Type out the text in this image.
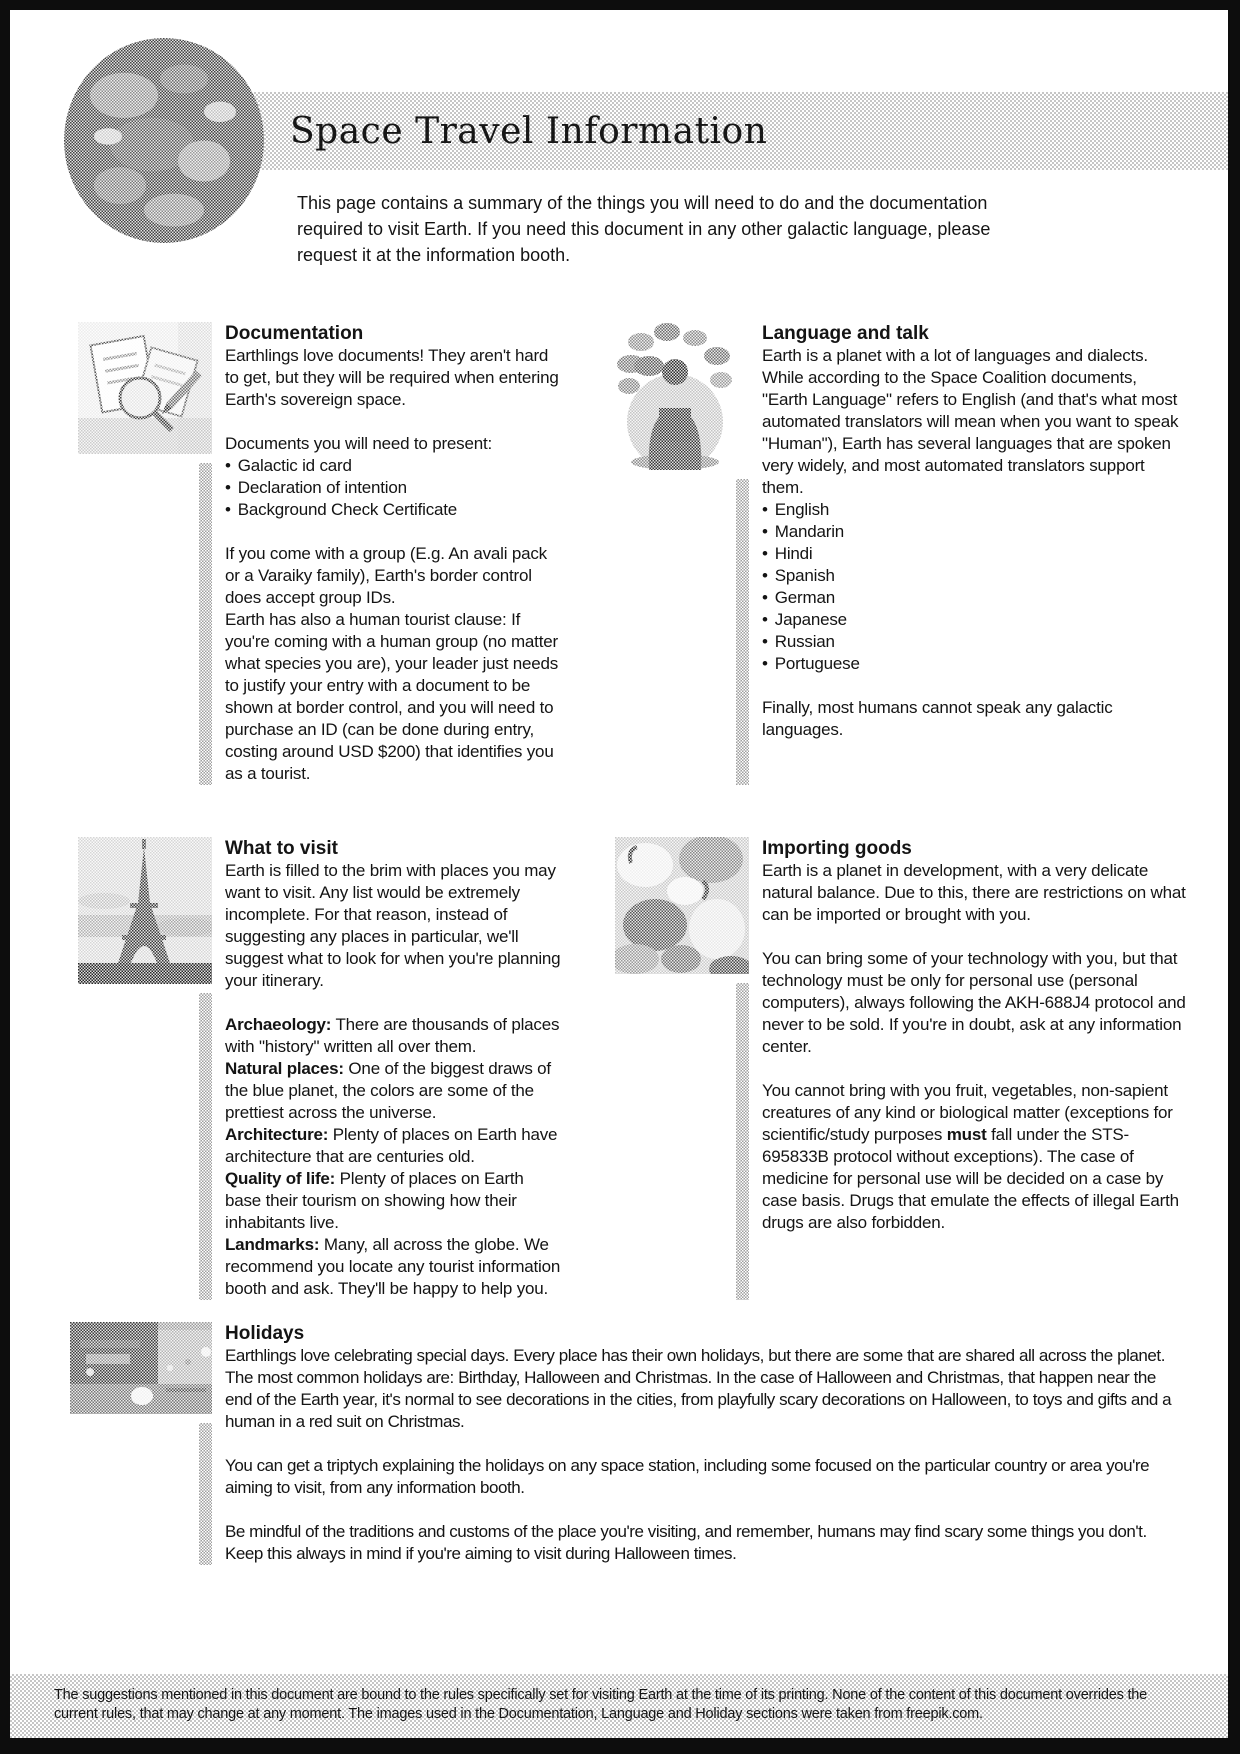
Space Travel Information

This page contains a summary of the things you will need to do and the documentation required to visit Earth. If you need this document in any other galactic language, please request it at the information booth.

Documentation

Earthlings love documents! They aren't hard to get, but they will be required when entering Earth's sovereign space.

Documents you will need to present:

• Galactic id card
• Declaration of intention
• Background Check Certificate

If you come with a group (E.g. An avali pack or a Varaiky family), Earth's border control does accept group IDs.

Earth has also a human tourist clause: If you're coming with a human group (no matter what species you are), your leader just needs to justify your entry with a document to be shown at border control, and you will need to purchase an ID (can be done during entry, costing around USD $200) that identifies you as a tourist.

Language and talk

Earth is a planet with a lot of languages and dialects. While according to the Space Coalition documents, "Earth Language" refers to English (and that's what most automated translators will mean when you want to speak "Human"), Earth has several languages that are spoken very widely, and most automated translators support them.

• English
• Mandarin
• Hindi
• Spanish
• German
• Japanese
• Russian
• Portuguese

Finally, most humans cannot speak any galactic languages.

What to visit

Earth is filled to the brim with places you may want to visit. Any list would be extremely incomplete. For that reason, instead of suggesting any places in particular, we'll suggest what to look for when you're planning your itinerary.

Archaeology: There are thousands of places with "history" written all over them.

Natural places: One of the biggest draws of the blue planet, the colors are some of the prettiest across the universe.

Architecture: Plenty of places on Earth have architecture that are centuries old.

Quality of life: Plenty of places on Earth base their tourism on showing how their inhabitants live.

Landmarks: Many, all across the globe. We recommend you locate any tourist information booth and ask. They'll be happy to help you.

Importing goods

Earth is a planet in development, with a very delicate natural balance. Due to this, there are restrictions on what can be imported or brought with you.

You can bring some of your technology with you, but that technology must be only for personal use (personal computers), always following the AKH-688J4 protocol and never to be sold. If you're in doubt, ask at any information center.

You cannot bring with you fruit, vegetables, non-sapient creatures of any kind or biological matter (exceptions for scientific/study purposes must fall under the STS-695833B protocol without exceptions). The case of medicine for personal use will be decided on a case by case basis. Drugs that emulate the effects of illegal Earth drugs are also forbidden.

Holidays

Earthlings love celebrating special days. Every place has their own holidays, but there are some that are shared all across the planet. The most common holidays are: Birthday, Halloween and Christmas. In the case of Halloween and Christmas, that happen near the end of the Earth year, it's normal to see decorations in the cities, from playfully scary decorations on Halloween, to toys and gifts and a human in a red suit on Christmas.

You can get a triptych explaining the holidays on any space station, including some focused on the particular country or area you're aiming to visit, from any information booth.

Be mindful of the traditions and customs of the place you're visiting, and remember, humans may find scary some things you don't. Keep this always in mind if you're aiming to visit during Halloween times.

The suggestions mentioned in this document are bound to the rules specifically set for visiting Earth at the time of its printing. None of the content of this document overrides the current rules, that may change at any moment. The images used in the Documentation, Language and Holiday sections were taken from freepik.com.
